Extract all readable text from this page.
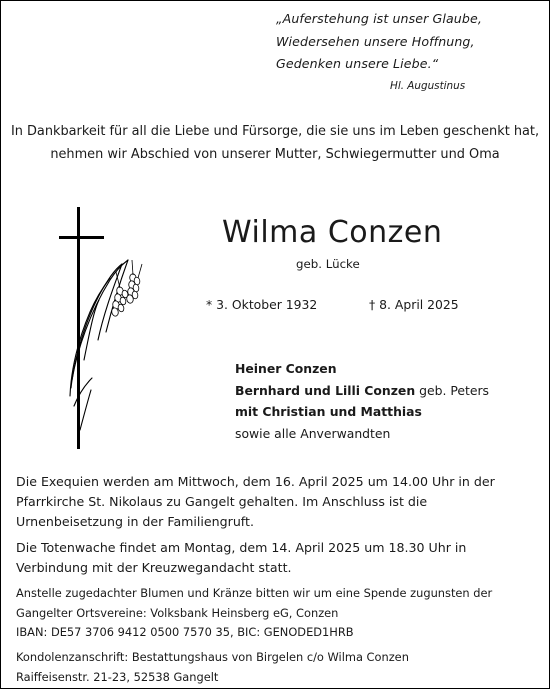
„Auferstehung ist unser Glaube,
Wiedersehen unsere Hoffnung,
Gedenken unsere Liebe.“
Hl. Augustinus
In Dankbarkeit für all die Liebe und Fürsorge, die sie uns im Leben geschenkt hat,
nehmen wir Abschied von unserer Mutter, Schwiegermutter und Oma
Wilma Conzen
geb. Lücke
* 3. Oktober 1932	† 8. April 2025
Heiner Conzen
Bernhard und Lilli Conzen geb. Peters
mit Christian und Matthias
sowie alle Anverwandten
Die Exequien werden am Mittwoch, dem 16. April 2025 um 14.00 Uhr in der
Pfarrkirche St. Nikolaus zu Gangelt gehalten. Im Anschluss ist die
Urnenbeisetzung in der Familiengruft.
Die Totenwache findet am Montag, dem 14. April 2025 um 18.30 Uhr in
Verbindung mit der Kreuzwegandacht statt.
Anstelle zugedachter Blumen und Kränze bitten wir um eine Spende zugunsten der
Gangelter Ortsvereine: Volksbank Heinsberg eG, Conzen
IBAN: DE57 3706 9412 0500 7570 35, BIC: GENODED1HRB
Kondolenzanschrift: Bestattungshaus von Birgelen c/o Wilma Conzen
Raiffeisenstr. 21-23, 52538 Gangelt
